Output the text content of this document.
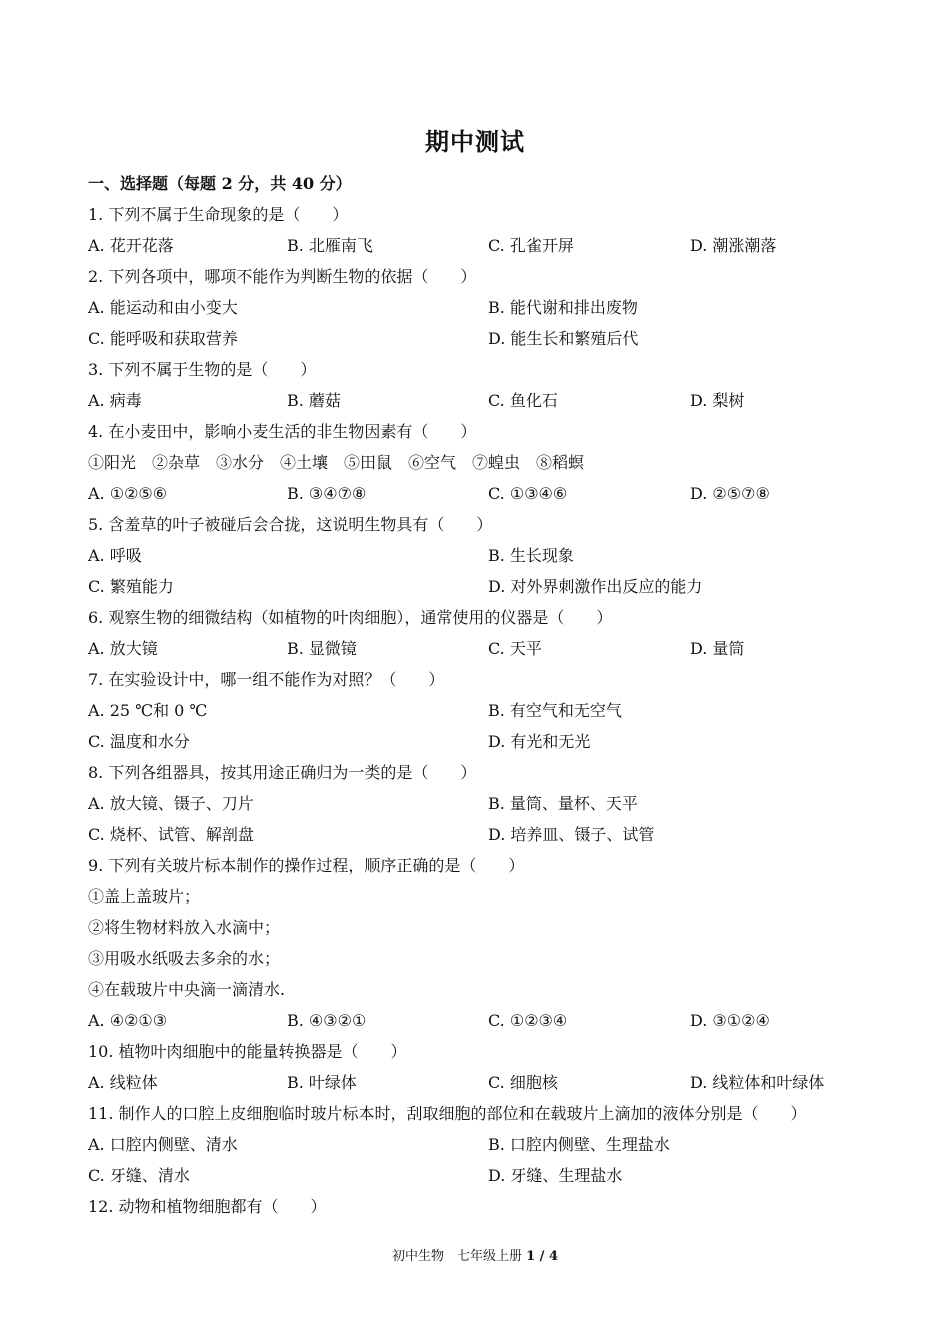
期中测试
一、选择题（每题 2 分，共 40 分）
1. 下列不属于生命现象的是（　　）
A. 花开花落	B. 北雁南飞	C. 孔雀开屏	D. 潮涨潮落
2. 下列各项中，哪项不能作为判断生物的依据（　　）
A. 能运动和由小变大	B. 能代谢和排出废物
C. 能呼吸和获取营养	D. 能生长和繁殖后代
3. 下列不属于生物的是（　　）
A. 病毒	B. 蘑菇	C. 鱼化石	D. 梨树
4. 在小麦田中，影响小麦生活的非生物因素有（　　）
①阳光　②杂草　③水分　④土壤　⑤田鼠　⑥空气　⑦蝗虫　⑧稻螟
A. ①②⑤⑥	B. ③④⑦⑧	C. ①③④⑥	D. ②⑤⑦⑧
5. 含羞草的叶子被碰后会合拢，这说明生物具有（　　）
A. 呼吸	B. 生长现象
C. 繁殖能力	D. 对外界刺激作出反应的能力
6. 观察生物的细微结构（如植物的叶肉细胞），通常使用的仪器是（　　）
A. 放大镜	B. 显微镜	C. 天平	D. 量筒
7. 在实验设计中，哪一组不能作为对照？（　　）
A. 25 ℃和 0 ℃	B. 有空气和无空气
C. 温度和水分	D. 有光和无光
8. 下列各组器具，按其用途正确归为一类的是（　　）
A. 放大镜、镊子、刀片	B. 量筒、量杯、天平
C. 烧杯、试管、解剖盘	D. 培养皿、镊子、试管
9. 下列有关玻片标本制作的操作过程，顺序正确的是（　　）
①盖上盖玻片；
②将生物材料放入水滴中；
③用吸水纸吸去多余的水；
④在载玻片中央滴一滴清水.
A. ④②①③	B. ④③②①	C. ①②③④	D. ③①②④
10. 植物叶肉细胞中的能量转换器是（　　）
A. 线粒体	B. 叶绿体	C. 细胞核	D. 线粒体和叶绿体
11. 制作人的口腔上皮细胞临时玻片标本时，刮取细胞的部位和在载玻片上滴加的液体分别是（　　）
A. 口腔内侧壁、清水	B. 口腔内侧壁、生理盐水
C. 牙缝、清水	D. 牙缝、生理盐水
12. 动物和植物细胞都有（　　）
初中生物　七年级上册 1 / 4
